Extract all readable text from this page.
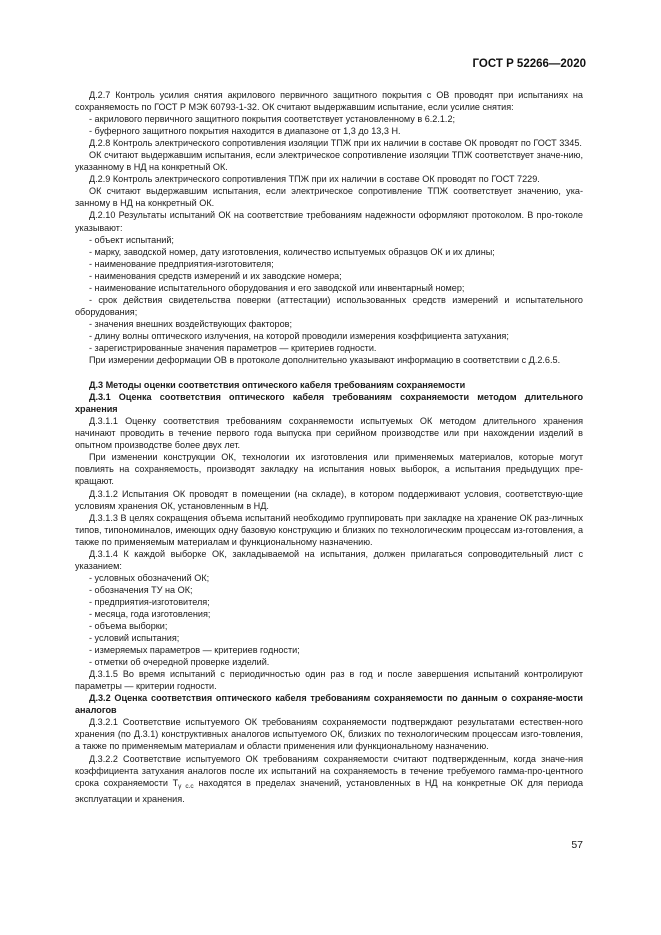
ГОСТ Р 52266—2020

Д.2.7 Контроль усилия снятия акрилового первичного защитного покрытия с ОВ проводят при испытаниях на сохраняемость по ГОСТ Р МЭК 60793-1-32. ОК считают выдержавшим испытание, если усилие снятия:

- акрилового первичного защитного покрытия соответствует установленному в 6.2.1.2;

- буферного защитного покрытия находится в диапазоне от 1,3 до 13,3 Н.

Д.2.8 Контроль электрического сопротивления изоляции ТПЖ при их наличии в составе ОК проводят по ГОСТ 3345.

ОК считают выдержавшим испытания, если электрическое сопротивление изоляции ТПЖ соответствует значе-нию, указанному в НД на конкретный ОК.

Д.2.9 Контроль электрического сопротивления ТПЖ при их наличии в составе ОК проводят по ГОСТ 7229.

ОК считают выдержавшим испытания, если электрическое сопротивление ТПЖ соответствует значению, ука-занному в НД на конкретный ОК.

Д.2.10 Результаты испытаний ОК на соответствие требованиям надежности оформляют протоколом. В про-токоле указывают:

- объект испытаний;

- марку, заводской номер, дату изготовления, количество испытуемых образцов ОК и их длины;

- наименование предприятия-изготовителя;

- наименования средств измерений и их заводские номера;

- наименование испытательного оборудования и его заводской или инвентарный номер;

- срок действия свидетельства поверки (аттестации) использованных средств измерений и испытательного оборудования;

- значения внешних воздействующих факторов;

- длину волны оптического излучения, на которой проводили измерения коэффициента затухания;

- зарегистрированные значения параметров — критериев годности.

При измерении деформации ОВ в протоколе дополнительно указывают информацию в соответствии с Д.2.6.5.

Д.3 Методы оценки соответствия оптического кабеля требованиям сохраняемости

Д.3.1 Оценка соответствия оптического кабеля требованиям сохраняемости методом длительного хранения

Д.3.1.1 Оценку соответствия требованиям сохраняемости испытуемых ОК методом длительного хранения начинают проводить в течение первого года выпуска при серийном производстве или при нахождении изделий в опытном производстве более двух лет.

При изменении конструкции ОК, технологии их изготовления или применяемых материалов, которые могут повлиять на сохраняемость, производят закладку на испытания новых выборок, а испытания предыдущих пре-кращают.

Д.3.1.2 Испытания ОК проводят в помещении (на складе), в котором поддерживают условия, соответствую-щие условиям хранения ОК, установленным в НД.

Д.3.1.3 В целях сокращения объема испытаний необходимо группировать при закладке на хранение ОК раз-личных типов, типономиналов, имеющих одну базовую конструкцию и близких по технологическим процессам из-готовления, а также по применяемым материалам и функциональному назначению.

Д.3.1.4 К каждой выборке ОК, закладываемой на испытания, должен прилагаться сопроводительный лист с указанием:

- условных обозначений ОК;

- обозначения ТУ на ОК;

- предприятия-изготовителя;

- месяца, года изготовления;

- объема выборки;

- условий испытания;

- измеряемых параметров — критериев годности;

- отметки об очередной проверке изделий.

Д.3.1.5 Во время испытаний с периодичностью один раз в год и после завершения испытаний контролируют параметры — критерии годности.

Д.3.2 Оценка соответствия оптического кабеля требованиям сохраняемости по данным о сохраняе-мости аналогов

Д.3.2.1 Соответствие испытуемого ОК требованиям сохраняемости подтверждают результатами естествен-ного хранения (по Д.3.1) конструктивных аналогов испытуемого ОК, близких по технологическим процессам изго-товления, а также по применяемым материалам и области применения или функциональному назначению.

Д.3.2.2 Соответствие испытуемого ОК требованиям сохраняемости считают подтвержденным, когда значе-ния коэффициента затухания аналогов после их испытаний на сохраняемость в течение требуемого гамма-про-центного срока сохраняемости $Т_{\gamma с.с}$ находятся в пределах значений, установленных в НД на конкретные ОК для периода эксплуатации и хранения.

57
